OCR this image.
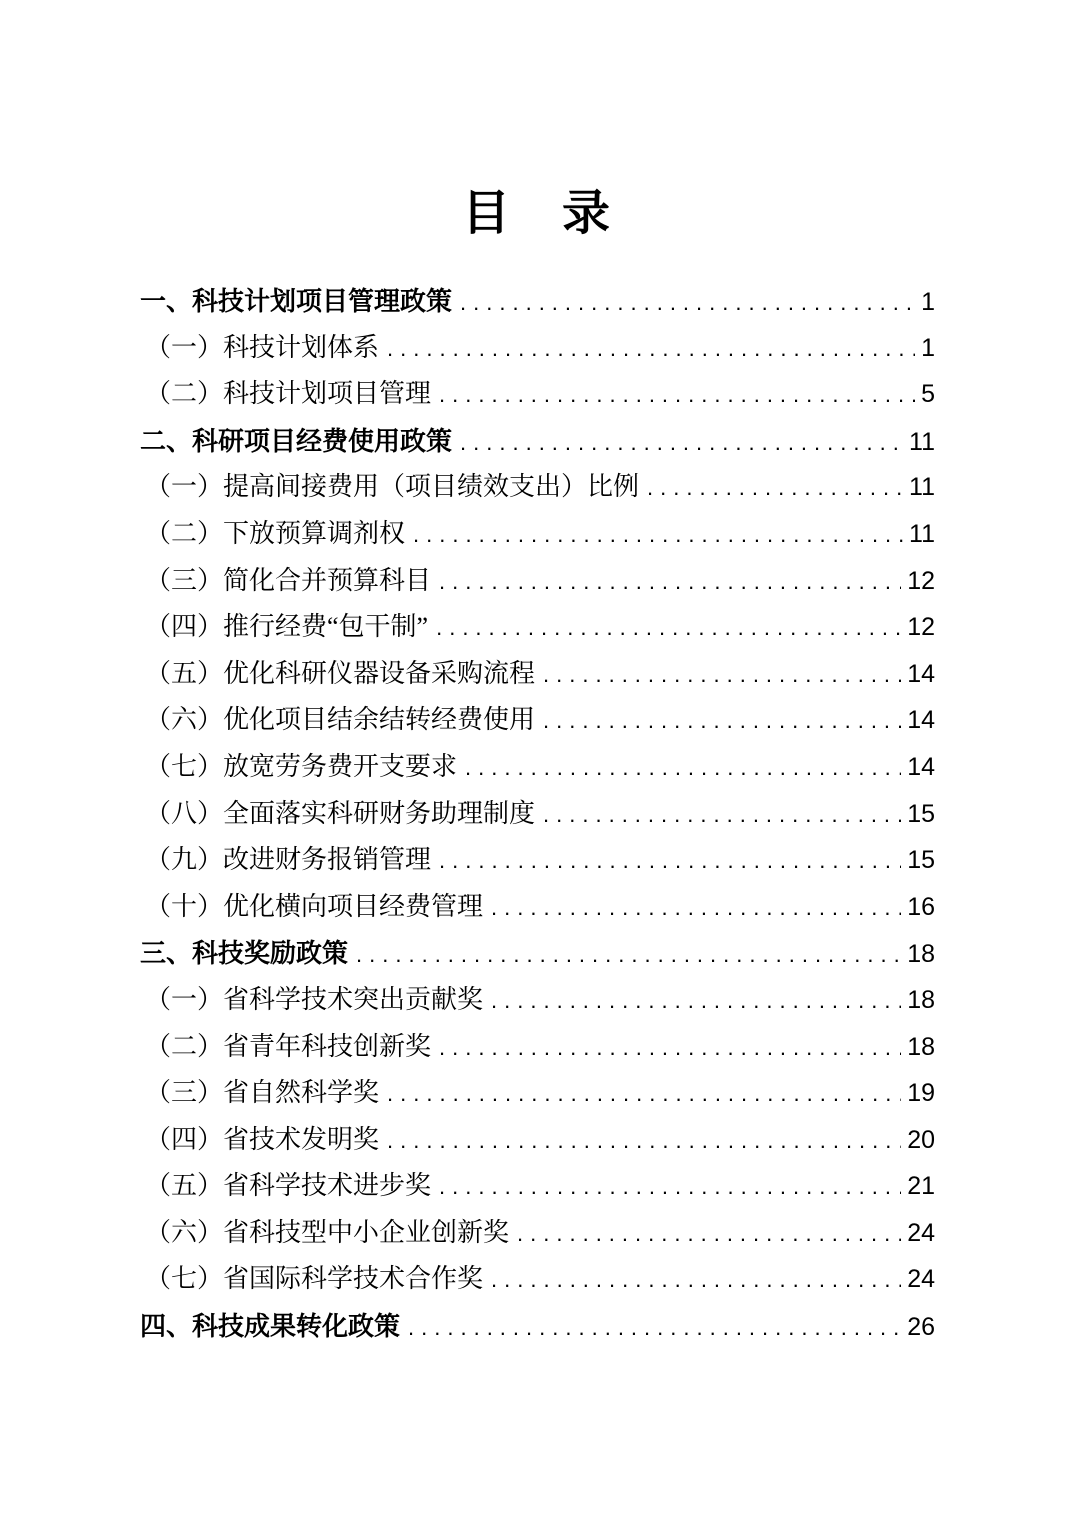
目　录
一、科技计划项目管理政策 .....	1
（一）科技计划体系 .....	1
（二）科技计划项目管理 .....	5
二、科研项目经费使用政策 .....	11
（一）提高间接费用（项目绩效支出）比例 .....	11
（二）下放预算调剂权 .....	11
（三）简化合并预算科目 .....	12
（四）推行经费“包干制” .....	12
（五）优化科研仪器设备采购流程 .....	14
（六）优化项目结余结转经费使用 .....	14
（七）放宽劳务费开支要求 .....	14
（八）全面落实科研财务助理制度 .....	15
（九）改进财务报销管理 .....	15
（十）优化横向项目经费管理 .....	16
三、科技奖励政策 .....	18
（一）省科学技术突出贡献奖 .....	18
（二）省青年科技创新奖 .....	18
（三）省自然科学奖 .....	19
（四）省技术发明奖 .....	20
（五）省科学技术进步奖 .....	21
（六）省科技型中小企业创新奖 .....	24
（七）省国际科学技术合作奖 .....	24
四、科技成果转化政策 .....	26
